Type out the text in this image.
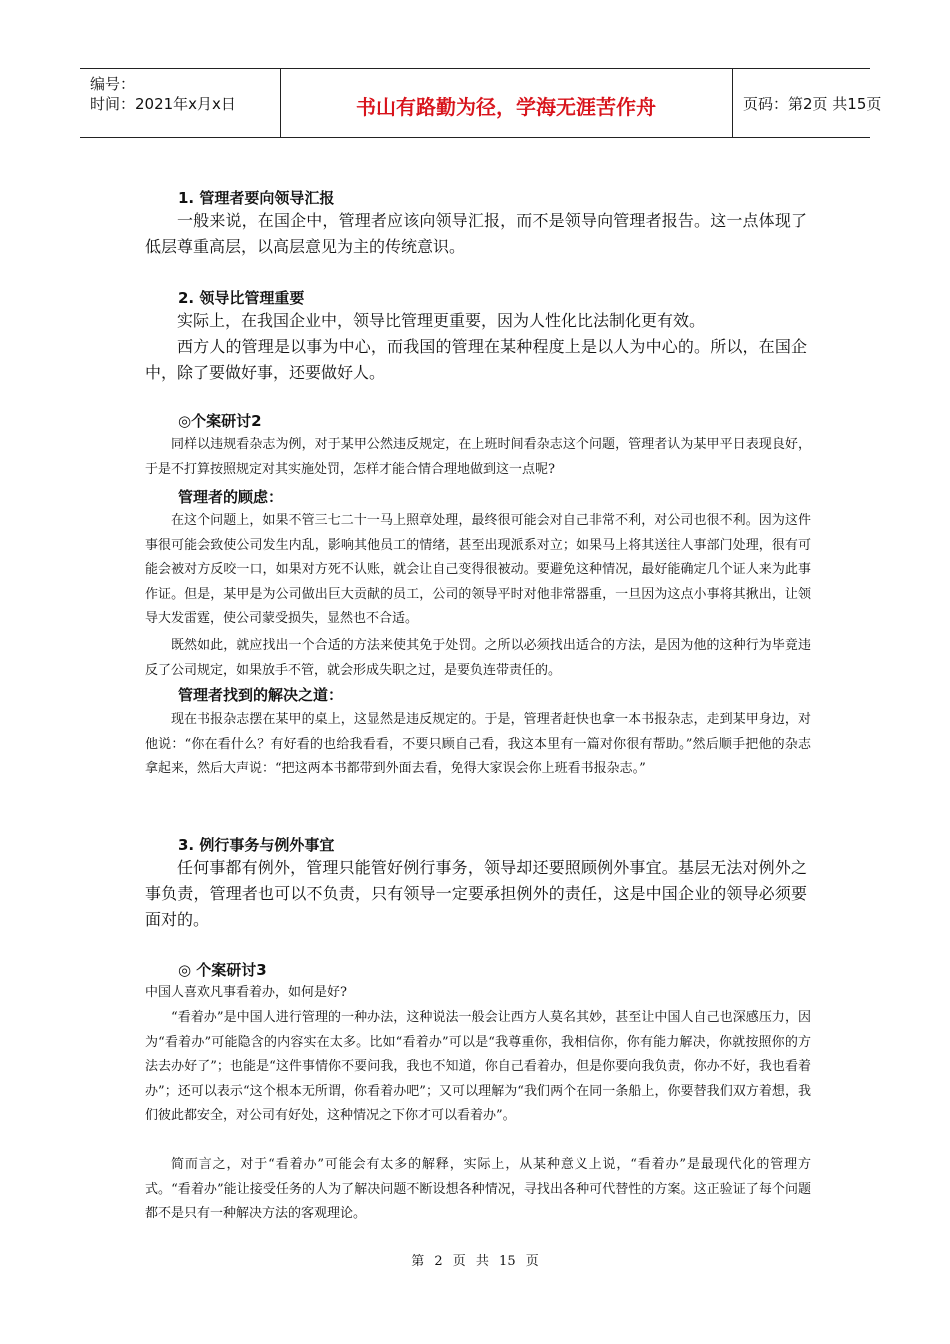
编号：
时间：2021年x月x日	书山有路勤为径，学海无涯苦作舟	页码：第2页 共15页
1. 管理者要向领导汇报

一般来说，在国企中，管理者应该向领导汇报，而不是领导向管理者报告。这一点体现了低层尊重高层，以高层意见为主的传统意识。

2. 领导比管理重要

实际上，在我国企业中，领导比管理更重要，因为人性化比法制化更有效。

西方人的管理是以事为中心，而我国的管理在某种程度上是以人为中心的。所以，在国企中，除了要做好事，还要做好人。

◎个案研讨2

同样以违规看杂志为例，对于某甲公然违反规定，在上班时间看杂志这个问题，管理者认为某甲平日表现良好，于是不打算按照规定对其实施处罚，怎样才能合情合理地做到这一点呢?

管理者的顾虑：

在这个问题上，如果不管三七二十一马上照章处理，最终很可能会对自己非常不利，对公司也很不利。因为这件事很可能会致使公司发生内乱，影响其他员工的情绪，甚至出现派系对立；如果马上将其送往人事部门处理，很有可能会被对方反咬一口，如果对方死不认账，就会让自己变得很被动。要避免这种情况，最好能确定几个证人来为此事作证。但是，某甲是为公司做出巨大贡献的员工，公司的领导平时对他非常器重，一旦因为这点小事将其揪出，让领导大发雷霆，使公司蒙受损失，显然也不合适。

既然如此，就应找出一个合适的方法来使其免于处罚。之所以必须找出适合的方法，是因为他的这种行为毕竟违反了公司规定，如果放手不管，就会形成失职之过，是要负连带责任的。

管理者找到的解决之道：

现在书报杂志摆在某甲的桌上，这显然是违反规定的。于是，管理者赶快也拿一本书报杂志，走到某甲身边，对他说：“你在看什么？有好看的也给我看看，不要只顾自己看，我这本里有一篇对你很有帮助。”然后顺手把他的杂志拿起来，然后大声说：“把这两本书都带到外面去看，免得大家误会你上班看书报杂志。”

3. 例行事务与例外事宜

任何事都有例外，管理只能管好例行事务，领导却还要照顾例外事宜。基层无法对例外之事负责，管理者也可以不负责，只有领导一定要承担例外的责任，这是中国企业的领导必须要面对的。

◎ 个案研讨3

中国人喜欢凡事看着办，如何是好?

“看着办”是中国人进行管理的一种办法，这种说法一般会让西方人莫名其妙，甚至让中国人自己也深感压力，因为“看着办”可能隐含的内容实在太多。比如“看着办”可以是“我尊重你，我相信你，你有能力解决，你就按照你的方法去办好了”；也能是“这件事情你不要问我，我也不知道，你自己看着办，但是你要向我负责，你办不好，我也看着办”；还可以表示“这个根本无所谓，你看着办吧”；又可以理解为“我们两个在同一条船上，你要替我们双方着想，我们彼此都安全，对公司有好处，这种情况之下你才可以看着办”。

简而言之，对于“看着办”可能会有太多的解释，实际上，从某种意义上说，“看着办”是最现代化的管理方式。“看着办”能让接受任务的人为了解决问题不断设想各种情况，寻找出各种可代替性的方案。这正验证了每个问题都不是只有一种解决方法的客观理论。

第 2 页 共 15 页
